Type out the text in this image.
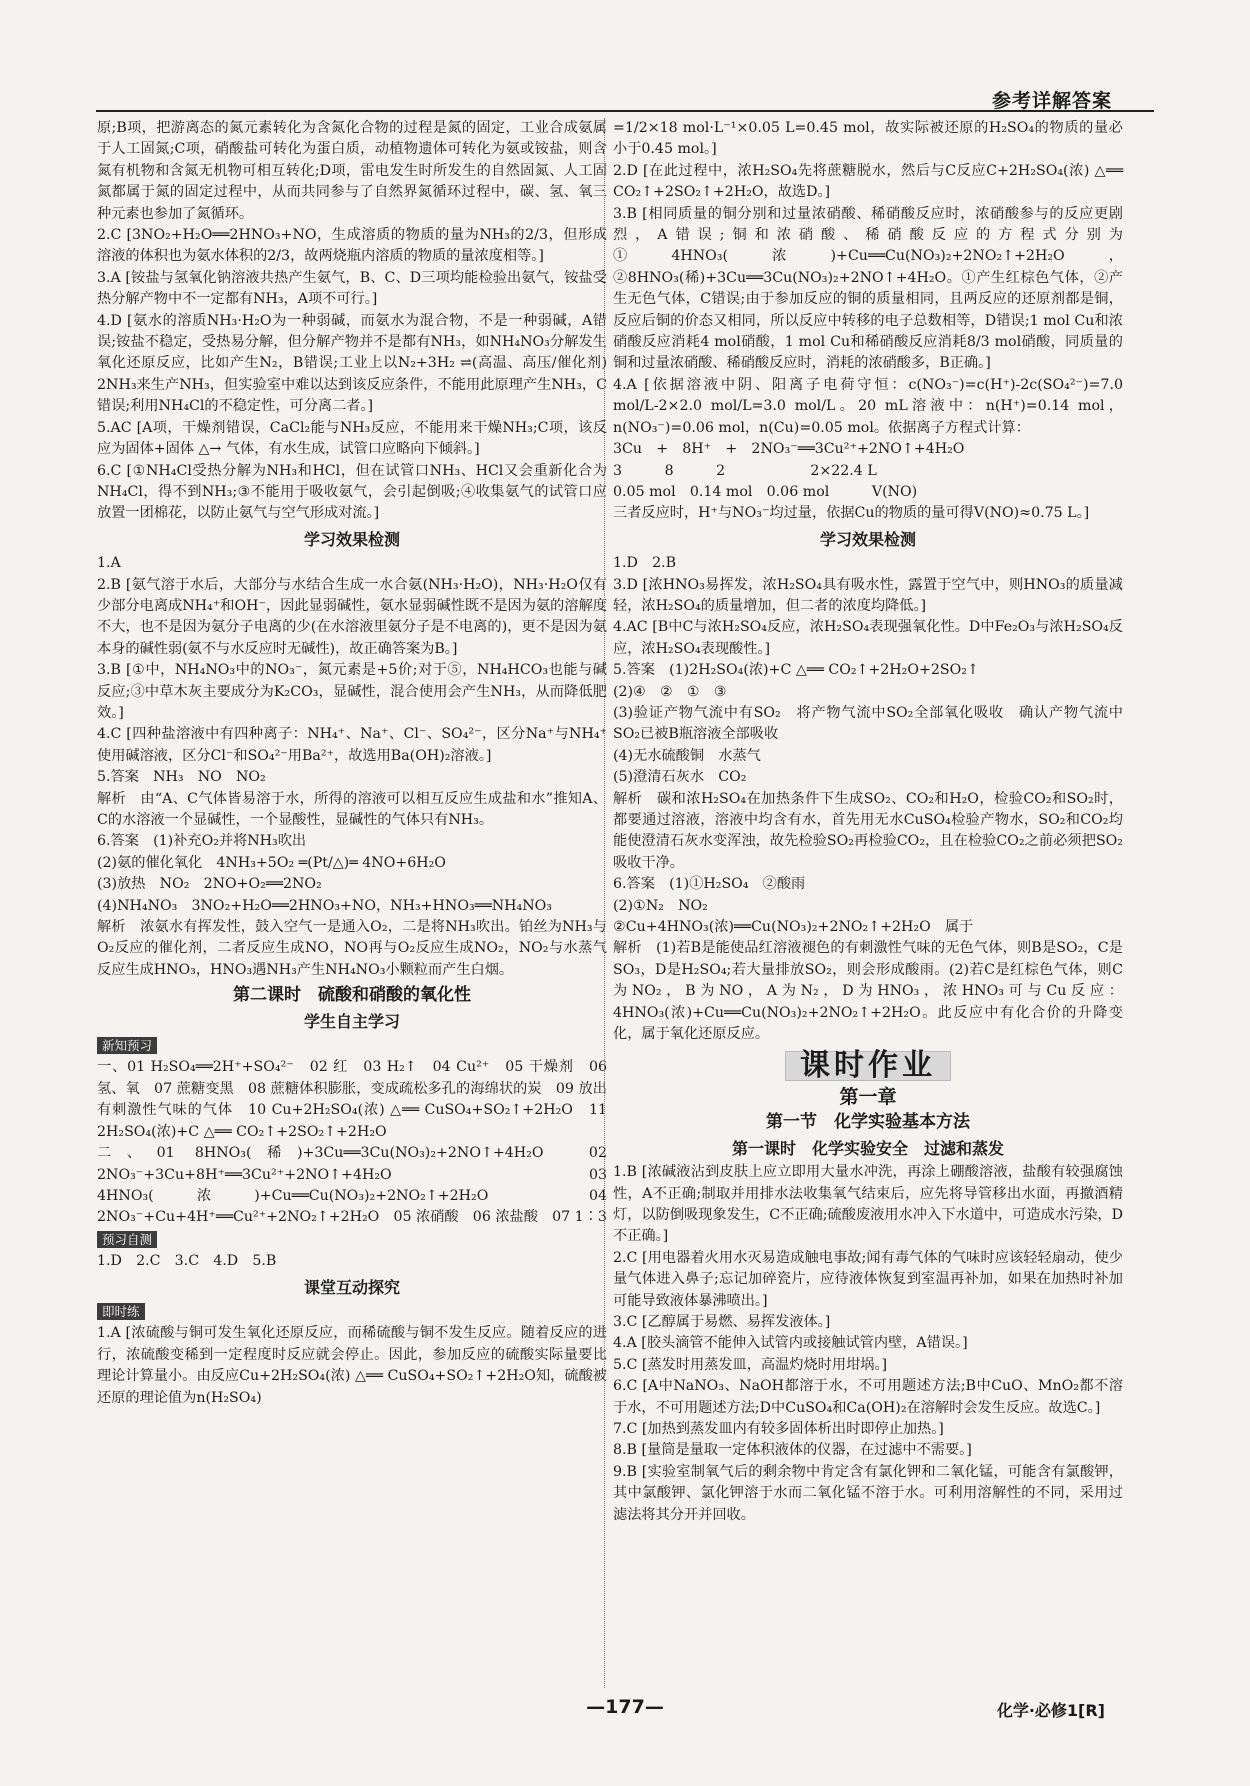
参考详解答案

原;B项，把游离态的氮元素转化为含氮化合物的过程是氮的固定，工业合成氨属于人工固氮;C项，硝酸盐可转化为蛋白质，动植物遗体可转化为氨或铵盐，则含氮有机物和含氮无机物可相互转化;D项，雷电发生时所发生的自然固氮、人工固氮都属于氮的固定过程中，从而共同参与了自然界氮循环过程中，碳、氢、氧三种元素也参加了氮循环。

2.C [3NO₂+H₂O══2HNO₃+NO，生成溶质的物质的量为NH₃的2/3，但形成溶液的体积也为氨水体积的2/3，故两烧瓶内溶质的物质的量浓度相等。]

3.A [铵盐与氢氧化钠溶液共热产生氨气，B、C、D三项均能检验出氨气，铵盐受热分解产物中不一定都有NH₃，A项不可行。]

4.D [氨水的溶质NH₃·H₂O为一种弱碱，而氨水为混合物，不是一种弱碱，A错误;铵盐不稳定，受热易分解，但分解产物并不是都有NH₃，如NH₄NO₃分解发生氧化还原反应，比如产生N₂，B错误;工业上以N₂+3H₂ ⇌(高温、高压/催化剂) 2NH₃来生产NH₃，但实验室中难以达到该反应条件，不能用此原理产生NH₃，C错误;利用NH₄Cl的不稳定性，可分离二者。]

5.AC [A项，干燥剂错误，CaCl₂能与NH₃反应，不能用来干燥NH₃;C项，该反应为固体+固体 △→ 气体，有水生成，试管口应略向下倾斜。]

6.C [①NH₄Cl受热分解为NH₃和HCl，但在试管口NH₃、HCl又会重新化合为NH₄Cl，得不到NH₃;③不能用于吸收氨气，会引起倒吸;④收集氨气的试管口应放置一团棉花，以防止氨气与空气形成对流。]

学习效果检测

1.A

2.B [氨气溶于水后，大部分与水结合生成一水合氨(NH₃·H₂O)，NH₃·H₂O仅有少部分电离成NH₄⁺和OH⁻，因此显弱碱性，氨水显弱碱性既不是因为氨的溶解度不大，也不是因为氨分子电离的少(在水溶液里氨分子是不电离的)，更不是因为氨本身的碱性弱(氨不与水反应时无碱性)，故正确答案为B。]

3.B [①中，NH₄NO₃中的NO₃⁻，氮元素是+5价;对于⑤，NH₄HCO₃也能与碱反应;③中草木灰主要成分为K₂CO₃，显碱性，混合使用会产生NH₃，从而降低肥效。]

4.C [四种盐溶液中有四种离子：NH₄⁺、Na⁺、Cl⁻、SO₄²⁻，区分Na⁺与NH₄⁺使用碱溶液，区分Cl⁻和SO₄²⁻用Ba²⁺，故选用Ba(OH)₂溶液。]

5.答案　NH₃　NO　NO₂

解析　由“A、C气体皆易溶于水，所得的溶液可以相互反应生成盐和水”推知A、C的水溶液一个显碱性，一个显酸性，显碱性的气体只有NH₃。

6.答案　(1)补充O₂并将NH₃吹出

(2)氨的催化氧化　4NH₃+5O₂ ═(Pt/△)═ 4NO+6H₂O

(3)放热　NO₂　2NO+O₂══2NO₂

(4)NH₄NO₃　3NO₂+H₂O══2HNO₃+NO，NH₃+HNO₃══NH₄NO₃

解析　浓氨水有挥发性，鼓入空气一是通入O₂，二是将NH₃吹出。铂丝为NH₃与O₂反应的催化剂，二者反应生成NO，NO再与O₂反应生成NO₂，NO₂与水蒸气反应生成HNO₃，HNO₃遇NH₃产生NH₄NO₃小颗粒而产生白烟。

第二课时　硫酸和硝酸的氧化性
学生自主学习
新知预习

一、01 H₂SO₄══2H⁺+SO₄²⁻　02 红　03 H₂↑　04 Cu²⁺　05 干燥剂　06 氢、氧　07 蔗糖变黑　08 蔗糖体积膨胀，变成疏松多孔的海绵状的炭　09 放出有刺激性气味的气体　10 Cu+2H₂SO₄(浓) △══ CuSO₄+SO₂↑+2H₂O　11 2H₂SO₄(浓)+C △══ CO₂↑+2SO₂↑+2H₂O

二、01 8HNO₃(稀)+3Cu══3Cu(NO₃)₂+2NO↑+4H₂O　02 2NO₃⁻+3Cu+8H⁺══3Cu²⁺+2NO↑+4H₂O　03 4HNO₃(浓)+Cu══Cu(NO₃)₂+2NO₂↑+2H₂O　04 2NO₃⁻+Cu+4H⁺══Cu²⁺+2NO₂↑+2H₂O　05 浓硝酸　06 浓盐酸　07 1∶3

预习自测

1.D　2.C　3.C　4.D　5.B

课堂互动探究
即时练

1.A [浓硫酸与铜可发生氧化还原反应，而稀硫酸与铜不发生反应。随着反应的进行，浓硫酸变稀到一定程度时反应就会停止。因此，参加反应的硫酸实际量要比理论计算量小。由反应Cu+2H₂SO₄(浓) △══ CuSO₄+SO₂↑+2H₂O知，硫酸被还原的理论值为n(H₂SO₄)

=1/2×18 mol·L⁻¹×0.05 L=0.45 mol，故实际被还原的H₂SO₄的物质的量必小于0.45 mol。]

2.D [在此过程中，浓H₂SO₄先将蔗糖脱水，然后与C反应C+2H₂SO₄(浓) △══ CO₂↑+2SO₂↑+2H₂O，故选D。]

3.B [相同质量的铜分别和过量浓硝酸、稀硝酸反应时，浓硝酸参与的反应更剧烈，A错误;铜和浓硝酸、稀硝酸反应的方程式分别为①4HNO₃(浓)+Cu══Cu(NO₃)₂+2NO₂↑+2H₂O，②8HNO₃(稀)+3Cu══3Cu(NO₃)₂+2NO↑+4H₂O。①产生红棕色气体，②产生无色气体，C错误;由于参加反应的铜的质量相同，且两反应的还原剂都是铜，反应后铜的价态又相同，所以反应中转移的电子总数相等，D错误;1 mol Cu和浓硝酸反应消耗4 mol硝酸，1 mol Cu和稀硝酸反应消耗8/3 mol硝酸，同质量的铜和过量浓硝酸、稀硝酸反应时，消耗的浓硝酸多，B正确。]

4.A [依据溶液中阴、阳离子电荷守恒：c(NO₃⁻)=c(H⁺)-2c(SO₄²⁻)=7.0 mol/L-2×2.0 mol/L=3.0 mol/L。20 mL溶液中：n(H⁺)=0.14 mol，n(NO₃⁻)=0.06 mol，n(Cu)=0.05 mol。依据离子方程式计算：

3Cu　+　8H⁺　+　2NO₃⁻══3Cu²⁺+2NO↑+4H₂O

3　　　8　　　2　　　　　　2×22.4 L

0.05 mol　0.14 mol　0.06 mol　　　V(NO)

三者反应时，H⁺与NO₃⁻均过量，依据Cu的物质的量可得V(NO)≈0.75 L。]

学习效果检测

1.D　2.B

3.D [浓HNO₃易挥发，浓H₂SO₄具有吸水性，露置于空气中，则HNO₃的质量减轻，浓H₂SO₄的质量增加，但二者的浓度均降低。]

4.AC [B中C与浓H₂SO₄反应，浓H₂SO₄表现强氧化性。D中Fe₂O₃与浓H₂SO₄反应，浓H₂SO₄表现酸性。]

5.答案　(1)2H₂SO₄(浓)+C △══ CO₂↑+2H₂O+2SO₂↑

(2)④　②　①　③

(3)验证产物气流中有SO₂　将产物气流中SO₂全部氧化吸收　确认产物气流中SO₂已被B瓶溶液全部吸收

(4)无水硫酸铜　水蒸气

(5)澄清石灰水　CO₂

解析　碳和浓H₂SO₄在加热条件下生成SO₂、CO₂和H₂O，检验CO₂和SO₂时，都要通过溶液，溶液中均含有水，首先用无水CuSO₄检验产物水，SO₂和CO₂均能使澄清石灰水变浑浊，故先检验SO₂再检验CO₂，且在检验CO₂之前必须把SO₂吸收干净。

6.答案　(1)①H₂SO₄　②酸雨

(2)①N₂　NO₂

②Cu+4HNO₃(浓)══Cu(NO₃)₂+2NO₂↑+2H₂O　属于

解析　(1)若B是能使品红溶液褪色的有刺激性气味的无色气体，则B是SO₂，C是SO₃，D是H₂SO₄;若大量排放SO₂，则会形成酸雨。(2)若C是红棕色气体，则C为NO₂，B为NO，A为N₂，D为HNO₃，浓HNO₃可与Cu反应：4HNO₃(浓)+Cu══Cu(NO₃)₂+2NO₂↑+2H₂O。此反应中有化合价的升降变化，属于氧化还原反应。

课时作业
第一章
第一节　化学实验基本方法
第一课时　化学实验安全　过滤和蒸发

1.B [浓碱液沾到皮肤上应立即用大量水冲洗，再涂上硼酸溶液，盐酸有较强腐蚀性，A不正确;制取并用排水法收集氧气结束后，应先将导管移出水面，再撤酒精灯，以防倒吸现象发生，C不正确;硫酸废液用水冲入下水道中，可造成水污染，D不正确。]

2.C [用电器着火用水灭易造成触电事故;闻有毒气体的气味时应该轻轻扇动，使少量气体进入鼻子;忘记加碎瓷片，应待液体恢复到室温再补加，如果在加热时补加可能导致液体暴沸喷出。]

3.C [乙醇属于易燃、易挥发液体。]

4.A [胶头滴管不能伸入试管内或接触试管内壁，A错误。]

5.C [蒸发时用蒸发皿，高温灼烧时用坩埚。]

6.C [A中NaNO₃、NaOH都溶于水，不可用题述方法;B中CuO、MnO₂都不溶于水，不可用题述方法;D中CuSO₄和Ca(OH)₂在溶解时会发生反应。故选C。]

7.C [加热到蒸发皿内有较多固体析出时即停止加热。]

8.B [量筒是量取一定体积液体的仪器，在过滤中不需要。]

9.B [实验室制氧气后的剩余物中肯定含有氯化钾和二氧化锰，可能含有氯酸钾，其中氯酸钾、氯化钾溶于水而二氧化锰不溶于水。可利用溶解性的不同，采用过滤法将其分开并回收。

—177—	化学·必修1[R]
